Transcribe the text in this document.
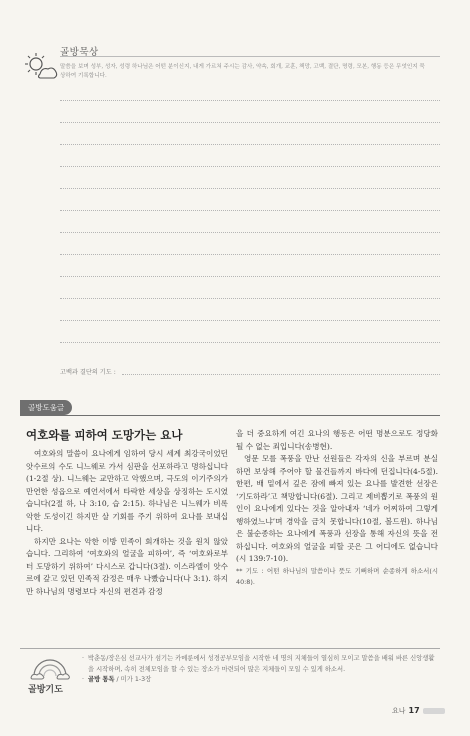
골방묵상
말씀을 보며 성부, 성자, 성령 하나님은 어떤 분이신지, 내게 가르쳐 주시는 감사, 약속, 회개, 교훈, 책망, 고백, 결단, 명령, 모본, 행동 등은 무엇인지 묵상하여 기록합니다.
고백과 결단의 기도 :
골방도움글
여호와를 피하여 도망가는 요나

여호와의 말씀이 요나에게 임하여 당시 세계 최강국이었던 앗수르의 수도 니느웨로 가서 심판을 선포하라고 명하십니다(1-2절 상). 니느웨는 교만하고 악했으며, 극도의 이기주의가 만연한 성읍으로 예언서에서 타락한 세상을 상징하는 도시였습니다(2절 하, 나 3:10, 습 2:15). 하나님은 니느웨가 비록 악한 도성이긴 하지만 살 기회를 주기 위하여 요나를 보내십니다.

하지만 요나는 악한 이방 민족이 회개하는 것을 원치 않았습니다. 그리하여 ‘여호와의 얼굴을 피하여’, 즉 ‘여호와로부터 도망하기 위하여’ 다시스로 갑니다(3절). 이스라엘이 앗수르에 갚고 있던 민족적 감정은 매우 나빴습니다(나 3:1). 하지만 하나님의 명령보다 자신의 편견과 감정

을 더 중요하게 여긴 요나의 행동은 어떤 명분으로도 정당화될 수 없는 죄입니다(송병현).

영문 모를 폭풍을 만난 선원들은 각자의 신을 부르며 분실하면 보상해 주어야 할 물건들까지 바다에 던집니다(4-5절). 한편, 배 밑에서 깊은 잠에 빠져 있는 요나를 발견한 선장은 ‘기도하라’고 책망합니다(6절). 그리고 제비뽑기로 폭풍의 원인이 요나에게 있다는 것을 알아내자 ‘네가 어찌하여 그렇게 행하였느냐’며 경악을 금치 못합니다(10절, 볼드윈). 하나님은 불순종하는 요나에게 폭풍과 선장을 통해 자신의 뜻을 전하십니다. 여호와의 얼굴을 피할 곳은 그 어디에도 없습니다(시 139:7-10).

** 기도 : 어떤 하나님의 말씀이나 뜻도 기뻐하며 순종하게 하소서(시 40:8).

골방기도
· 박춘동/장은심 선교사가 섬기는 카메룬에서 성경공부모임을 시작한 네 명의 지체들이 열심히 모이고 말씀을 배워 바른 신앙생활을 시작하며, 속히 전체모임을 할 수 있는 장소가 마련되어 많은 지체들이 모일 수 있게 하소서.
· 골방 통독 / 미가 1-3장
요나 17
